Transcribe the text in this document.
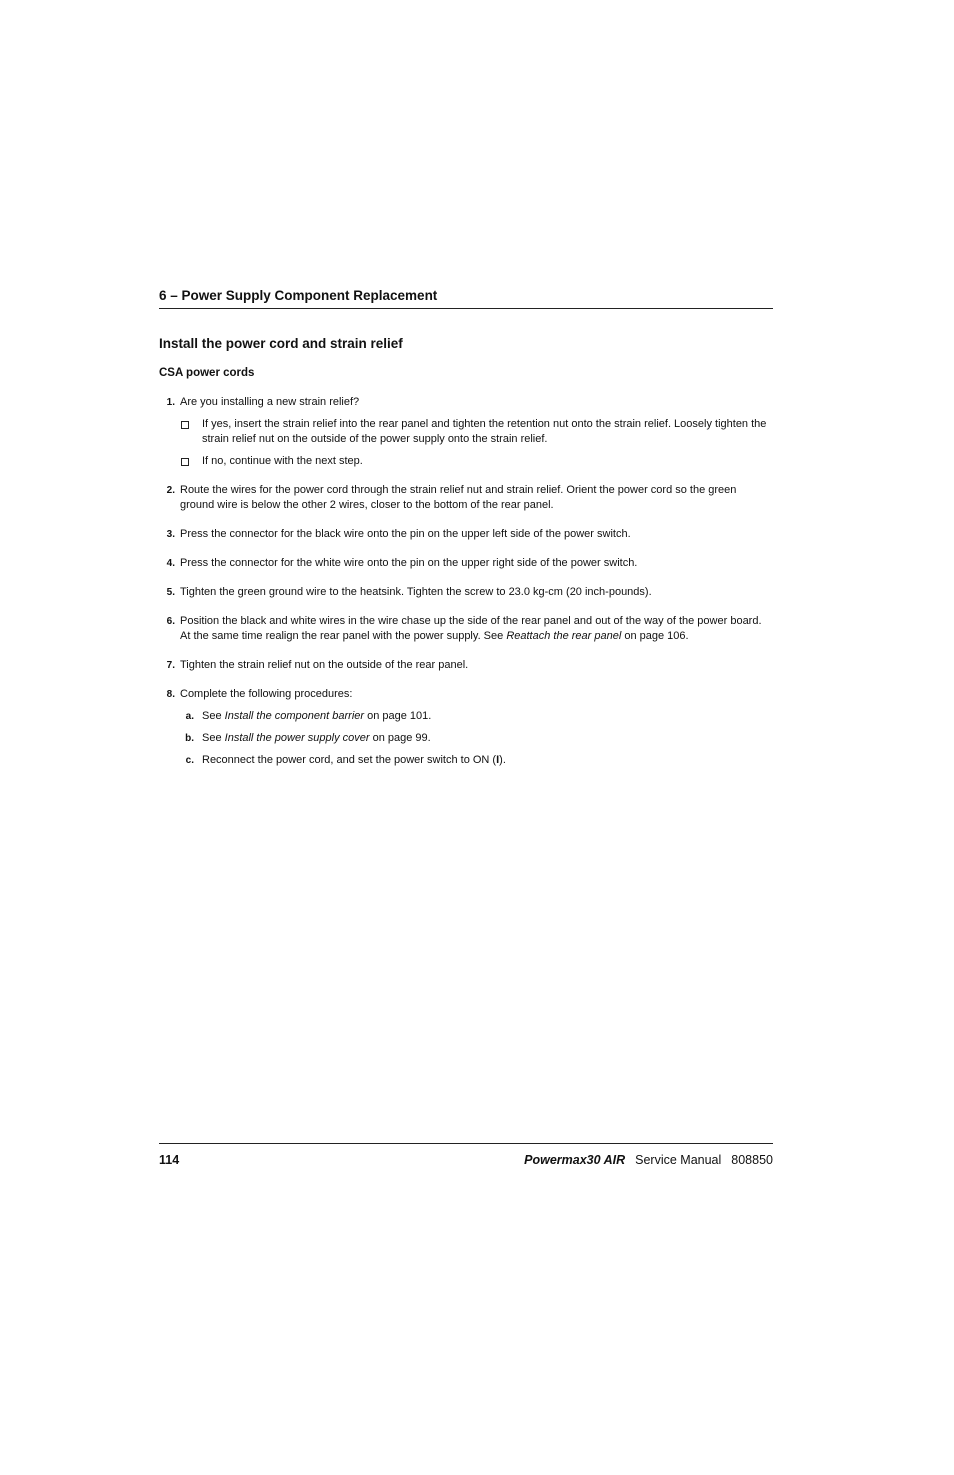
6 – Power Supply Component Replacement
Install the power cord and strain relief
CSA power cords
1. Are you installing a new strain relief?
If yes, insert the strain relief into the rear panel and tighten the retention nut onto the strain relief. Loosely tighten the strain relief nut on the outside of the power supply onto the strain relief.
If no, continue with the next step.
2. Route the wires for the power cord through the strain relief nut and strain relief. Orient the power cord so the green ground wire is below the other 2 wires, closer to the bottom of the rear panel.
3. Press the connector for the black wire onto the pin on the upper left side of the power switch.
4. Press the connector for the white wire onto the pin on the upper right side of the power switch.
5. Tighten the green ground wire to the heatsink. Tighten the screw to 23.0 kg-cm (20 inch-pounds).
6. Position the black and white wires in the wire chase up the side of the rear panel and out of the way of the power board. At the same time realign the rear panel with the power supply. See Reattach the rear panel on page 106.
7. Tighten the strain relief nut on the outside of the rear panel.
8. Complete the following procedures:
a. See Install the component barrier on page 101.
b. See Install the power supply cover on page 99.
c. Reconnect the power cord, and set the power switch to ON (I).
114	Powermax30 AIR Service Manual 808850
